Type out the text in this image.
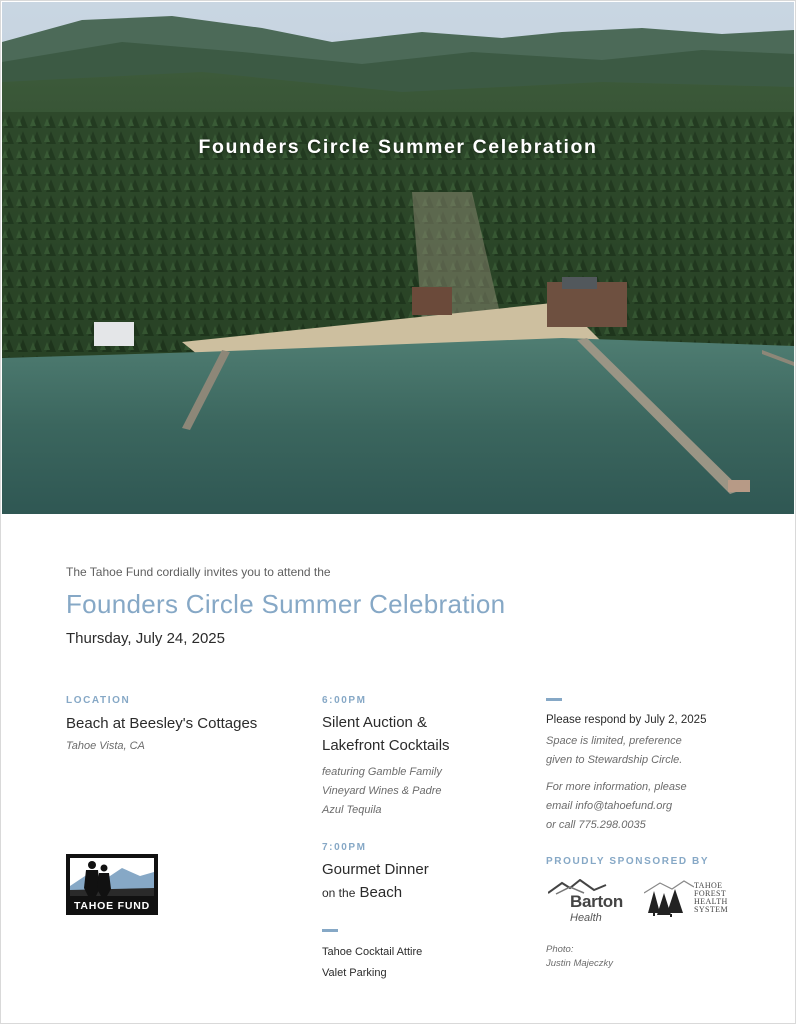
Founders Circle Summer Celebration
The Tahoe Fund cordially invites you to attend the
Founders Circle Summer Celebration
Thursday, July 24, 2025
LOCATION
Beach at Beesley's Cottages
Tahoe Vista, CA
TAHOE FUND
6:00PM
Silent Auction &
Lakefront Cocktails
featuring Gamble Family
Vineyard Wines & Padre
Azul Tequila
7:00PM
Gourmet Dinner
on the Beach
Tahoe Cocktail Attire
Valet Parking
Please respond by July 2, 2025
Space is limited, preference
given to Stewardship Circle.
For more information, please
email info@tahoefund.org
or call 775.298.0035
PROUDLY SPONSORED BY
Barton
Health
TAHOE
FOREST
HEALTH
SYSTEM
Photo:
Justin Majeczky
